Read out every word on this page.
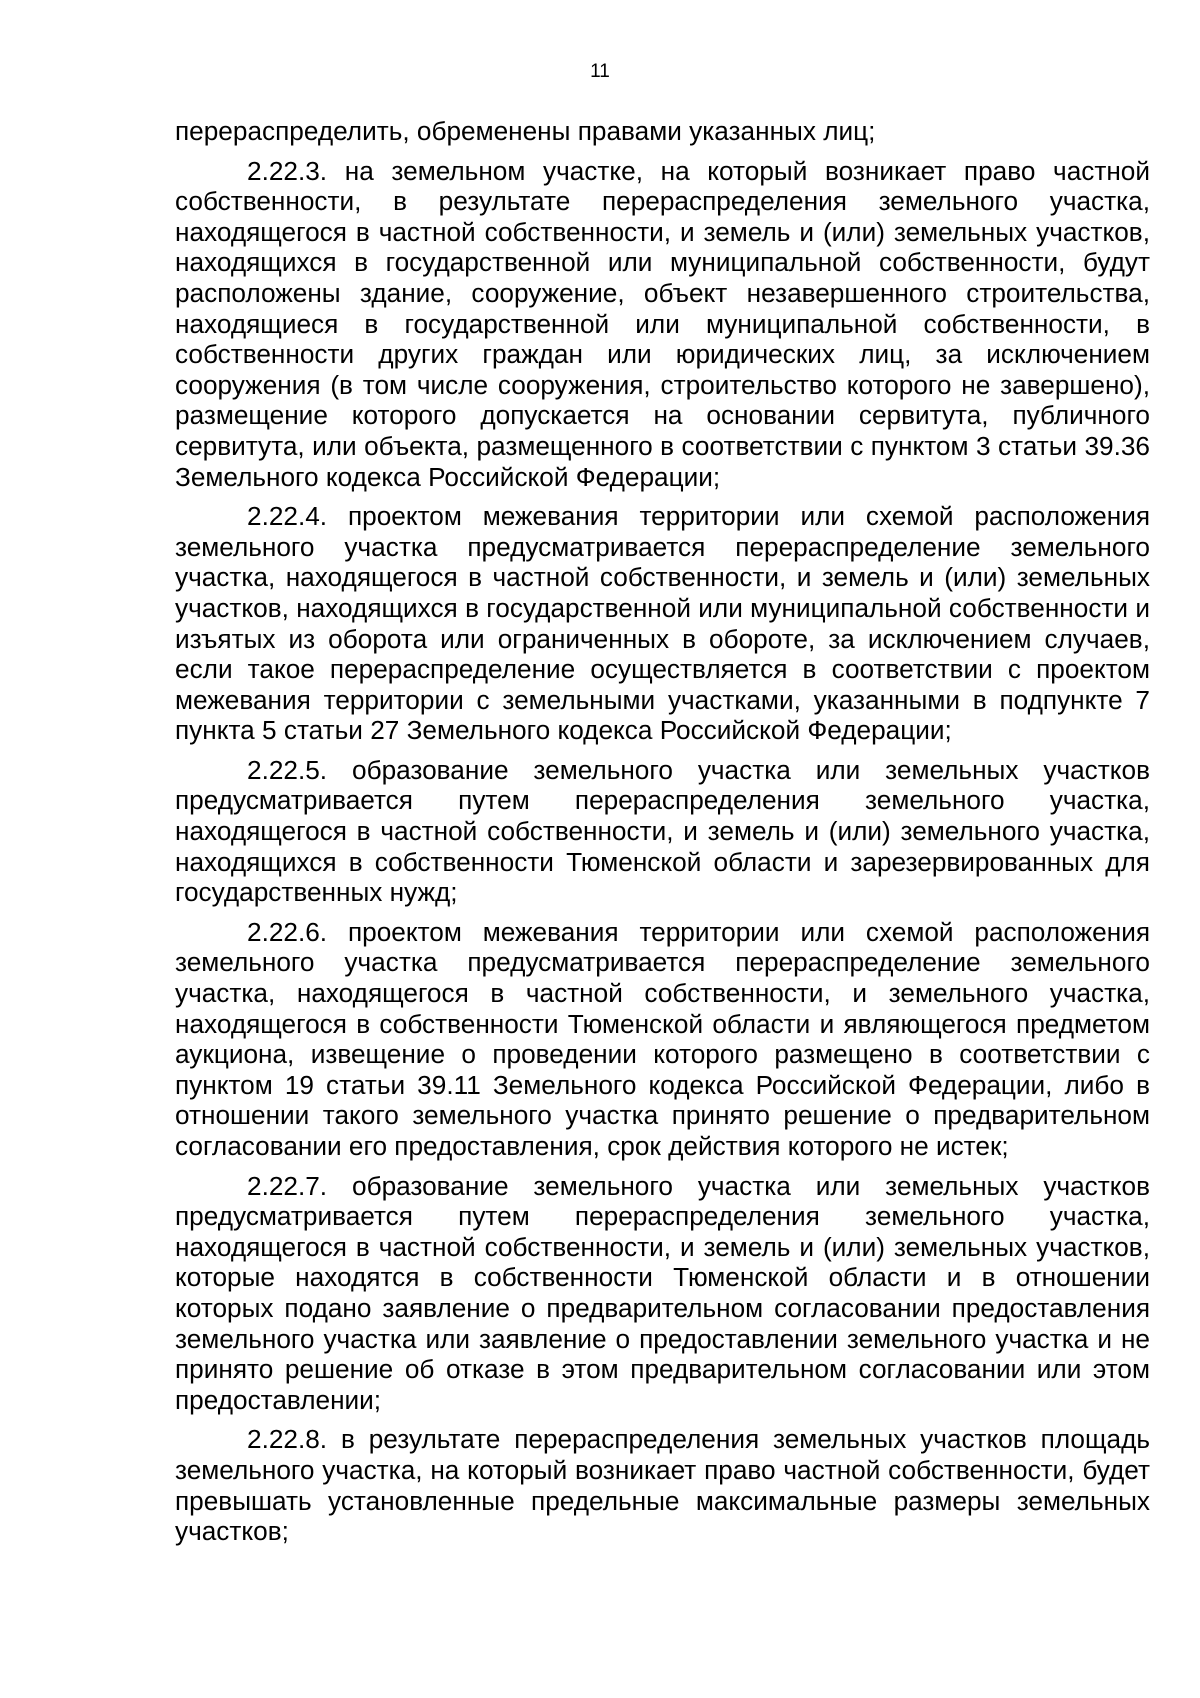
11

перераспределить, обременены правами указанных лиц;

2.22.3. на земельном участке, на который возникает право частной собственности, в результате перераспределения земельного участка, находящегося в частной собственности, и земель и (или) земельных участков, находящихся в государственной или муниципальной собственности, будут расположены здание, сооружение, объект незавершенного строительства, находящиеся в государственной или муниципальной собственности, в собственности других граждан или юридических лиц, за исключением сооружения (в том числе сооружения, строительство которого не завершено), размещение которого допускается на основании сервитута, публичного сервитута, или объекта, размещенного в соответствии с пунктом 3 статьи 39.36 Земельного кодекса Российской Федерации;

2.22.4. проектом межевания территории или схемой расположения земельного участка предусматривается перераспределение земельного участка, находящегося в частной собственности, и земель и (или) земельных участков, находящихся в государственной или муниципальной собственности и изъятых из оборота или ограниченных в обороте, за исключением случаев, если такое перераспределение осуществляется в соответствии с проектом межевания территории с земельными участками, указанными в подпункте 7 пункта 5 статьи 27 Земельного кодекса Российской Федерации;

2.22.5. образование земельного участка или земельных участков предусматривается путем перераспределения земельного участка, находящегося в частной собственности, и земель и (или) земельного участка, находящихся в собственности Тюменской области и зарезервированных для государственных нужд;

2.22.6. проектом межевания территории или схемой расположения земельного участка предусматривается перераспределение земельного участка, находящегося в частной собственности, и земельного участка, находящегося в собственности Тюменской области и являющегося предметом аукциона, извещение о проведении которого размещено в соответствии с пунктом 19 статьи 39.11 Земельного кодекса Российской Федерации, либо в отношении такого земельного участка принято решение о предварительном согласовании его предоставления, срок действия которого не истек;

2.22.7. образование земельного участка или земельных участков предусматривается путем перераспределения земельного участка, находящегося в частной собственности, и земель и (или) земельных участков, которые находятся в собственности Тюменской области и в отношении которых подано заявление о предварительном согласовании предоставления земельного участка или заявление о предоставлении земельного участка и не принято решение об отказе в этом предварительном согласовании или этом предоставлении;

2.22.8. в результате перераспределения земельных участков площадь земельного участка, на который возникает право частной собственности, будет превышать установленные предельные максимальные размеры земельных участков;
